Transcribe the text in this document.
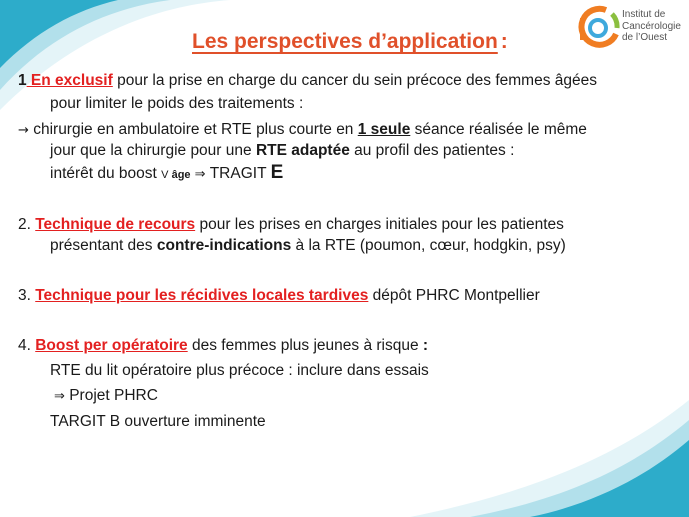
Institut de
Cancérologie
de l’Ouest
Les perspectives d’application :

1 En exclusif pour la prise en charge du cancer du sein précoce des femmes âgées

pour limiter le poids des traitements :

→ chirurgie en ambulatoire et RTE plus courte en 1 seule séance réalisée le même

jour que la chirurgie pour une RTE adaptée au profil des patientes :

intérêt du boost V âge ⇒ TRAGIT E

2. Technique de recours pour les prises en charges initiales pour les patientes

présentant des contre-indications à la RTE (poumon, cœur, hodgkin, psy)

3. Technique pour les récidives locales tardives dépôt PHRC Montpellier

4. Boost per opératoire des femmes plus jeunes à risque :

RTE du lit opératoire plus précoce : inclure dans essais

⇒ Projet PHRC

TARGIT B ouverture imminente
